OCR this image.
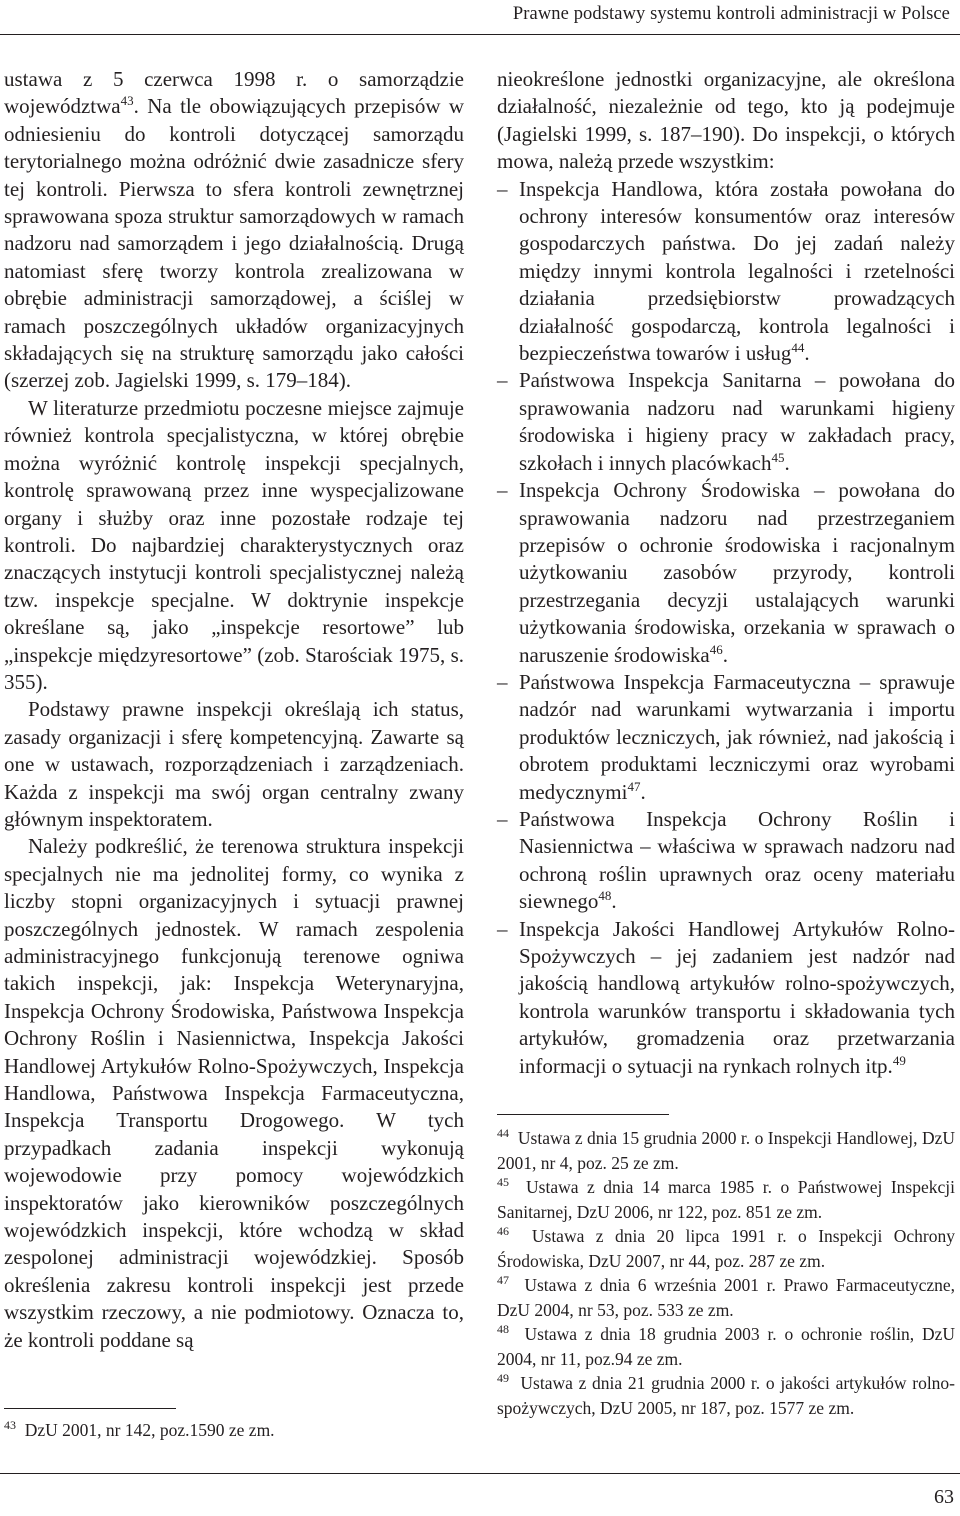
Prawne podstawy systemu kontroli administracji w Polsce

ustawa z 5 czerwca 1998 r. o samorządzie województwa$^{43}$. Na tle obowiązujących przepisów w odniesieniu do kontroli dotyczącej samorządu terytorialnego można odróżnić dwie zasadnicze sfery tej kontroli. Pierwsza to sfera kontroli zewnętrznej sprawowana spoza struktur samorządowych w ramach nadzoru nad samorządem i jego działalnością. Drugą natomiast sferę tworzy kontrola zrealizowana w obrębie administracji samorządowej, a ściślej w ramach poszczególnych układów organizacyjnych składających się na strukturę samorządu jako całości (szerzej zob. Jagielski 1999, s. 179–184).

W literaturze przedmiotu poczesne miejsce zajmuje również kontrola specjalistyczna, w której obrębie można wyróżnić kontrolę inspekcji specjalnych, kontrolę sprawowaną przez inne wyspecjalizowane organy i służby oraz inne pozostałe rodzaje tej kontroli. Do najbardziej charakterystycznych oraz znaczących instytucji kontroli specjalistycznej należą tzw. inspekcje specjalne. W doktrynie inspekcje określane są, jako „inspekcje resortowe” lub „inspekcje międzyresortowe” (zob. Starościak 1975, s. 355).

Podstawy prawne inspekcji określają ich status, zasady organizacji i sferę kompetencyjną. Zawarte są one w ustawach, rozporządzeniach i zarządzeniach. Każda z inspekcji ma swój organ centralny zwany głównym inspektoratem.

Należy podkreślić, że terenowa struktura inspekcji specjalnych nie ma jednolitej formy, co wynika z liczby stopni organizacyjnych i sytuacji prawnej poszczególnych jednostek. W ramach zespolenia administracyjnego funkcjonują terenowe ogniwa takich inspekcji, jak: Inspekcja Weterynaryjna, Inspekcja Ochrony Środowiska, Państwowa Inspekcja Ochrony Roślin i Nasiennictwa, Inspekcja Jakości Handlowej Artykułów Rolno-Spożywczych, Inspekcja Handlowa, Państwowa Inspekcja Farmaceutyczna, Inspekcja Transportu Drogowego. W tych przypadkach zadania inspekcji wykonują wojewodowie przy pomocy wojewódzkich inspektoratów jako kierowników poszczególnych wojewódzkich inspekcji, które wchodzą w skład zespolonej administracji wojewódzkiej. Sposób określenia zakresu kontroli inspekcji jest przede wszystkim rzeczowy, a nie podmiotowy. Oznacza to, że kontroli poddane są

nieokreślone jednostki organizacyjne, ale określona działalność, niezależnie od tego, kto ją podejmuje (Jagielski 1999, s. 187–190). Do inspekcji, o których mowa, należą przede wszystkim:

– Inspekcja Handlowa, która została powołana do ochrony interesów konsumentów oraz interesów gospodarczych państwa. Do jej zadań należy między innymi kontrola legalności i rzetelności działania przedsiębiorstw prowadzących działalność gospodarczą, kontrola legalności i bezpieczeństwa towarów i usług$^{44}$.
– Państwowa Inspekcja Sanitarna – powołana do sprawowania nadzoru nad warunkami higieny środowiska i higieny pracy w zakładach pracy, szkołach i innych placówkach$^{45}$.
– Inspekcja Ochrony Środowiska – powołana do sprawowania nadzoru nad przestrzeganiem przepisów o ochronie środowiska i racjonalnym użytkowaniu zasobów przyrody, kontroli przestrzegania decyzji ustalających warunki użytkowania środowiska, orzekania w sprawach o naruszenie środowiska$^{46}$.
– Państwowa Inspekcja Farmaceutyczna – sprawuje nadzór nad warunkami wytwarzania i importu produktów leczniczych, jak również, nad jakością i obrotem produktami leczniczymi oraz wyrobami medycznymi$^{47}$.
– Państwowa Inspekcja Ochrony Roślin i Nasiennictwa – właściwa w sprawach nadzoru nad ochroną roślin uprawnych oraz oceny materiału siewnego$^{48}$.
– Inspekcja Jakości Handlowej Artykułów Rolno-Spożywczych – jej zadaniem jest nadzór nad jakością handlową artykułów rolno-spożywczych, kontrola warunków transportu i składowania tych artykułów, gromadzenia oraz przetwarzania informacji o sytuacji na rynkach rolnych itp.$^{49}$

$^{43}$ DzU 2001, nr 142, poz.1590 ze zm.

$^{44}$ Ustawa z dnia 15 grudnia 2000 r. o Inspekcji Handlowej, DzU 2001, nr 4, poz. 25 ze zm.

$^{45}$ Ustawa z dnia 14 marca 1985 r. o Państwowej Inspekcji Sanitarnej, DzU 2006, nr 122, poz. 851 ze zm.

$^{46}$ Ustawa z dnia 20 lipca 1991 r. o Inspekcji Ochrony Środowiska, DzU 2007, nr 44, poz. 287 ze zm.

$^{47}$ Ustawa z dnia 6 września 2001 r. Prawo Farmaceutyczne, DzU 2004, nr 53, poz. 533 ze zm.

$^{48}$ Ustawa z dnia 18 grudnia 2003 r. o ochronie roślin, DzU 2004, nr 11, poz.94 ze zm.

$^{49}$ Ustawa z dnia 21 grudnia 2000 r. o jakości artykułów rolno-spożywczych, DzU 2005, nr 187, poz. 1577 ze zm.

63
